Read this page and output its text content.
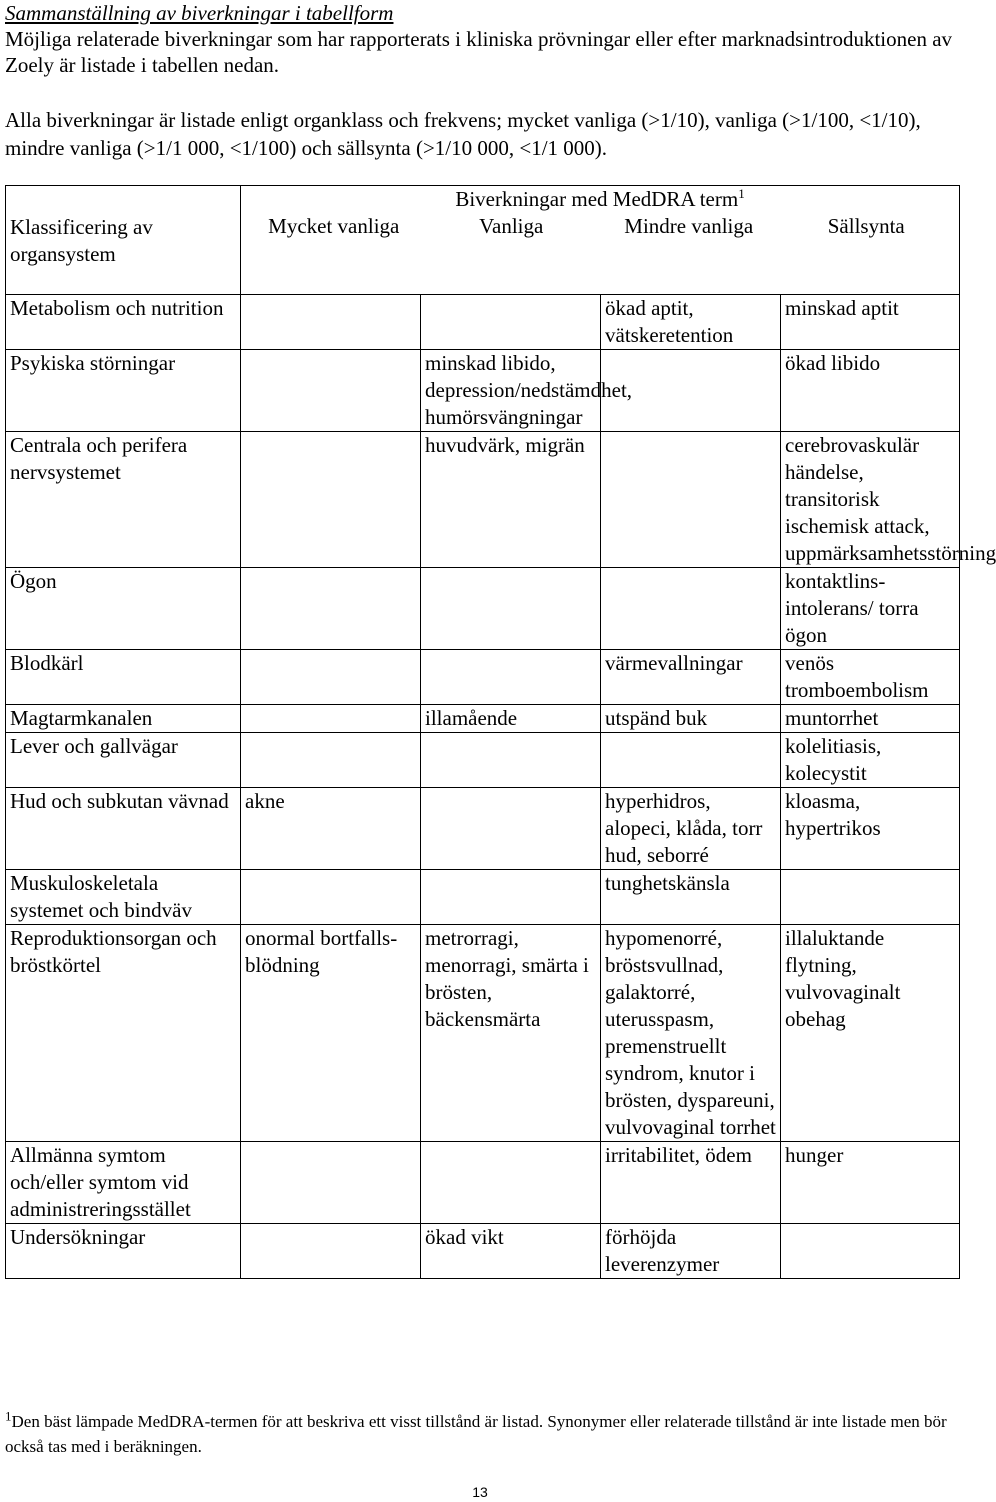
Sammanställning av biverkningar i tabellform
Möjliga relaterade biverkningar som har rapporterats i kliniska prövningar eller efter marknadsintroduktionen av Zoely är listade i tabellen nedan.
Alla biverkningar är listade enligt organklass och frekvens; mycket vanliga (>1/10), vanliga (>1/100, <1/10), mindre vanliga (>1/1 000, <1/100) och sällsynta (>1/10 000, <1/1 000).
Klassificering av organsystem	
Biverkningar med MedDRA term$^1$
Mycket vanliga	Vanliga	Mindre vanliga	Sällsynta

Metabolism och nutrition			ökad aptit, vätskeretention	minskad aptit
Psykiska störningar		minskad libido, depression/nedstämdhet, humörsvängningar		ökad libido
Centrala och perifera nervsystemet		huvudvärk, migrän		cerebrovaskulär händelse, transitorisk ischemisk attack, uppmärksamhetsstörning
Ögon				kontaktlins-intolerans/ torra ögon
Blodkärl			värmevallningar	venös tromboembolism
Magtarmkanalen		illamående	utspänd buk	muntorrhet
Lever och gallvägar				kolelitiasis, kolecystit
Hud och subkutan vävnad	akne		hyperhidros, alopeci, klåda, torr hud, seborré	kloasma, hypertrikos
Muskuloskeletala systemet och bindväv			tunghetskänsla	
Reproduktionsorgan och bröstkörtel	onormal bortfalls-blödning	metrorragi, menorragi, smärta i brösten, bäckensmärta	hypomenorré, bröstsvullnad, galaktorré, uterusspasm, premenstruellt syndrom, knutor i brösten, dyspareuni, vulvovaginal torrhet	illaluktande flytning, vulvovaginalt obehag
Allmänna symtom och/eller symtom vid administreringsstället			irritabilitet, ödem	hunger
Undersökningar		ökad vikt	förhöjda leverenzymer	
$^1$Den bäst lämpade MedDRA-termen för att beskriva ett visst tillstånd är listad. Synonymer eller relaterade tillstånd är inte listade men bör också tas med i beräkningen.
13
